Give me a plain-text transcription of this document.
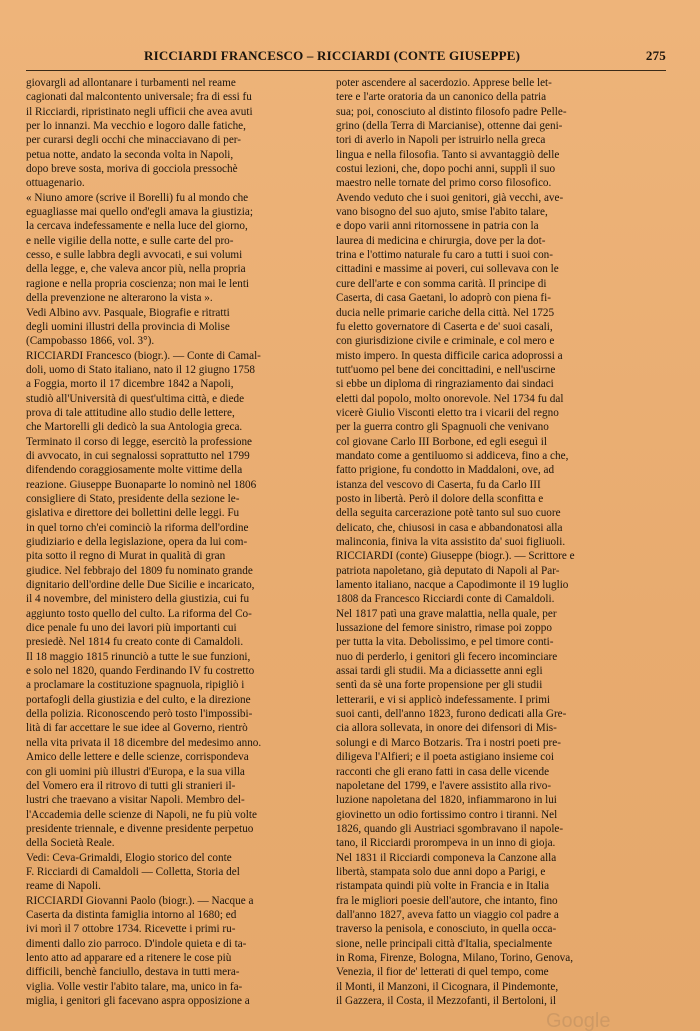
RICCIARDI FRANCESCO – RICCIARDI (CONTE GIUSEPPE)	275
giovargli ad allontanare i turbamenti nel reame
cagionati dal malcontento universale; fra di essi fu
il Ricciardi, ripristinato negli ufficii che avea avuti
per lo innanzi. Ma vecchio e logoro dalle fatiche,
per curarsi degli occhi che minacciavano di per-
petua notte, andato la seconda volta in Napoli,
dopo breve sosta, moriva di gocciola pressochè
ottuagenario.
« Niuno amore (scrive il Borelli) fu al mondo che
eguagliasse mai quello ond'egli amava la giustizia;
la cercava indefessamente e nella luce del giorno,
e nelle vigilie della notte, e sulle carte del pro-
cesso, e sulle labbra degli avvocati, e sui volumi
della legge, e, che valeva ancor più, nella propria
ragione e nella propria coscienza; non mai le lenti
della prevenzione ne alterarono la vista ».
Vedi Albino avv. Pasquale, Biografie e ritratti
degli uomini illustri della provincia di Molise
(Campobasso 1866, vol. 3°).
RICCIARDI Francesco (biogr.). — Conte di Camal-
doli, uomo di Stato italiano, nato il 12 giugno 1758
a Foggia, morto il 17 dicembre 1842 a Napoli,
studiò all'Università di quest'ultima città, e diede
prova di tale attitudine allo studio delle lettere,
che Martorelli gli dedicò la sua Antologia greca.
Terminato il corso di legge, esercitò la professione
di avvocato, in cui segnalossi soprattutto nel 1799
difendendo coraggiosamente molte vittime della
reazione. Giuseppe Buonaparte lo nominò nel 1806
consigliere di Stato, presidente della sezione le-
gislativa e direttore dei bollettini delle leggi. Fu
in quel torno ch'ei cominciò la riforma dell'ordine
giudiziario e della legislazione, opera da lui com-
pita sotto il regno di Murat in qualità di gran
giudice. Nel febbrajo del 1809 fu nominato grande
dignitario dell'ordine delle Due Sicilie e incaricato,
il 4 novembre, del ministero della giustizia, cui fu
aggiunto tosto quello del culto. La riforma del Co-
dice penale fu uno dei lavori più importanti cui
presiedè. Nel 1814 fu creato conte di Camaldoli.
Il 18 maggio 1815 rinunciò a tutte le sue funzioni,
e solo nel 1820, quando Ferdinando IV fu costretto
a proclamare la costituzione spagnuola, ripigliò i
portafogli della giustizia e del culto, e la direzione
della polizia. Riconoscendo però tosto l'impossibi-
lità di far accettare le sue idee al Governo, rientrò
nella vita privata il 18 dicembre del medesimo anno.
Amico delle lettere e delle scienze, corrispondeva
con gli uomini più illustri d'Europa, e la sua villa
del Vomero era il ritrovo di tutti gli stranieri il-
lustri che traevano a visitar Napoli. Membro del-
l'Accademia delle scienze di Napoli, ne fu più volte
presidente triennale, e divenne presidente perpetuo
della Società Reale.
Vedi: Ceva-Grimaldi, Elogio storico del conte
F. Ricciardi di Camaldoli — Colletta, Storia del
reame di Napoli.
RICCIARDI Giovanni Paolo (biogr.). — Nacque a
Caserta da distinta famiglia intorno al 1680; ed
ivi morì il 7 ottobre 1734. Ricevette i primi ru-
dimenti dallo zio parroco. D'indole quieta e di ta-
lento atto ad apparare ed a ritenere le cose più
difficili, benchè fanciullo, destava in tutti mera-
viglia. Volle vestir l'abito talare, ma, unico in fa-
miglia, i genitori gli facevano aspra opposizione a
poter ascendere al sacerdozio. Apprese belle let-
tere e l'arte oratoria da un canonico della patria
sua; poi, conosciuto al distinto filosofo padre Pelle-
grino (della Terra di Marcianise), ottenne dai geni-
tori di averlo in Napoli per istruirlo nella greca
lingua e nella filosofia. Tanto si avvantaggiò delle
costui lezioni, che, dopo pochi anni, supplì il suo
maestro nelle tornate del primo corso filosofico.
Avendo veduto che i suoi genitori, già vecchi, ave-
vano bisogno del suo ajuto, smise l'abito talare,
e dopo varii anni ritornossene in patria con la
laurea di medicina e chirurgia, dove per la dot-
trina e l'ottimo naturale fu caro a tutti i suoi con-
cittadini e massime ai poveri, cui sollevava con le
cure dell'arte e con somma carità. Il principe di
Caserta, di casa Gaetani, lo adoprò con piena fi-
ducia nelle primarie cariche della città. Nel 1725
fu eletto governatore di Caserta e de' suoi casali,
con giurisdizione civile e criminale, e col mero e
misto impero. In questa difficile carica adoprossi a
tutt'uomo pel bene dei concittadini, e nell'uscirne
si ebbe un diploma di ringraziamento dai sindaci
eletti dal popolo, molto onorevole. Nel 1734 fu dal
vicerè Giulio Visconti eletto tra i vicarii del regno
per la guerra contro gli Spagnuoli che venivano
col giovane Carlo III Borbone, ed egli eseguì il
mandato come a gentiluomo si addiceva, fino a che,
fatto prigione, fu condotto in Maddaloni, ove, ad
istanza del vescovo di Caserta, fu da Carlo III
posto in libertà. Però il dolore della sconfitta e
della seguita carcerazione potè tanto sul suo cuore
delicato, che, chiusosi in casa e abbandonatosi alla
malinconia, finiva la vita assistito da' suoi figliuoli.
RICCIARDI (conte) Giuseppe (biogr.). — Scrittore e
patriota napoletano, già deputato di Napoli al Par-
lamento italiano, nacque a Capodimonte il 19 luglio
1808 da Francesco Ricciardi conte di Camaldoli.
Nel 1817 patì una grave malattia, nella quale, per
lussazione del femore sinistro, rimase poi zoppo
per tutta la vita. Debolissimo, e pel timore conti-
nuo di perderlo, i genitori gli fecero incominciare
assai tardi gli studii. Ma a diciassette anni egli
sentì da sè una forte propensione per gli studii
letterarii, e vi si applicò indefessamente. I primi
suoi canti, dell'anno 1823, furono dedicati alla Gre-
cia allora sollevata, in onore dei difensori di Mis-
solungi e di Marco Botzaris. Tra i nostri poeti pre-
diligeva l'Alfieri; e il poeta astigiano insieme coi
racconti che gli erano fatti in casa delle vicende
napoletane del 1799, e l'avere assistito alla rivo-
luzione napoletana del 1820, infiammarono in lui
giovinetto un odio fortissimo contro i tiranni. Nel
1826, quando gli Austriaci sgombravano il napole-
tano, il Ricciardi prorompeva in un inno di gioja.
Nel 1831 il Ricciardi componeva la Canzone alla
libertà, stampata solo due anni dopo a Parigi, e
ristampata quindi più volte in Francia e in Italia
fra le migliori poesie dell'autore, che intanto, fino
dall'anno 1827, aveva fatto un viaggio col padre a
traverso la penisola, e conosciuto, in quella occa-
sione, nelle principali città d'Italia, specialmente
in Roma, Firenze, Bologna, Milano, Torino, Genova,
Venezia, il fior de' letterati di quel tempo, come
il Monti, il Manzoni, il Cicognara, il Pindemonte,
il Gazzera, il Costa, il Mezzofanti, il Bertoloni, il
Google
